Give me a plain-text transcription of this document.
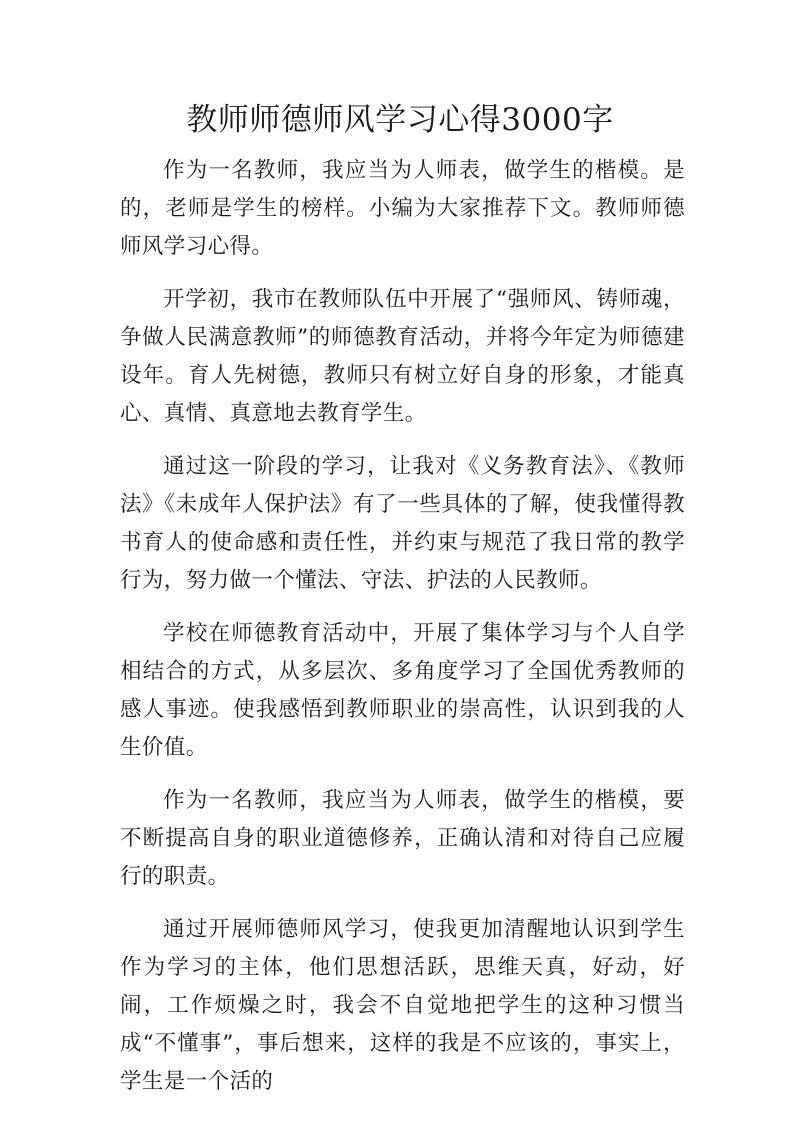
教师师德师风学习心得3000字

作为一名教师，我应当为人师表，做学生的楷模。是的，老师是学生的榜样。小编为大家推荐下文。教师师德师风学习心得。

开学初，我市在教师队伍中开展了“强师风、铸师魂，争做人民满意教师”的师德教育活动，并将今年定为师德建设年。育人先树德，教师只有树立好自身的形象，才能真心、真情、真意地去教育学生。

通过这一阶段的学习，让我对《义务教育法》、《教师法》《未成年人保护法》有了一些具体的了解，使我懂得教书育人的使命感和责任性，并约束与规范了我日常的教学行为，努力做一个懂法、守法、护法的人民教师。

学校在师德教育活动中，开展了集体学习与个人自学相结合的方式，从多层次、多角度学习了全国优秀教师的感人事迹。使我感悟到教师职业的崇高性，认识到我的人生价值。

作为一名教师，我应当为人师表，做学生的楷模，要不断提高自身的职业道德修养，正确认清和对待自己应履行的职责。

通过开展师德师风学习，使我更加清醒地认识到学生作为学习的主体，他们思想活跃，思维天真，好动，好闹，工作烦燥之时，我会不自觉地把学生的这种习惯当成“不懂事”，事后想来，这样的我是不应该的，事实上，学生是一个活的
